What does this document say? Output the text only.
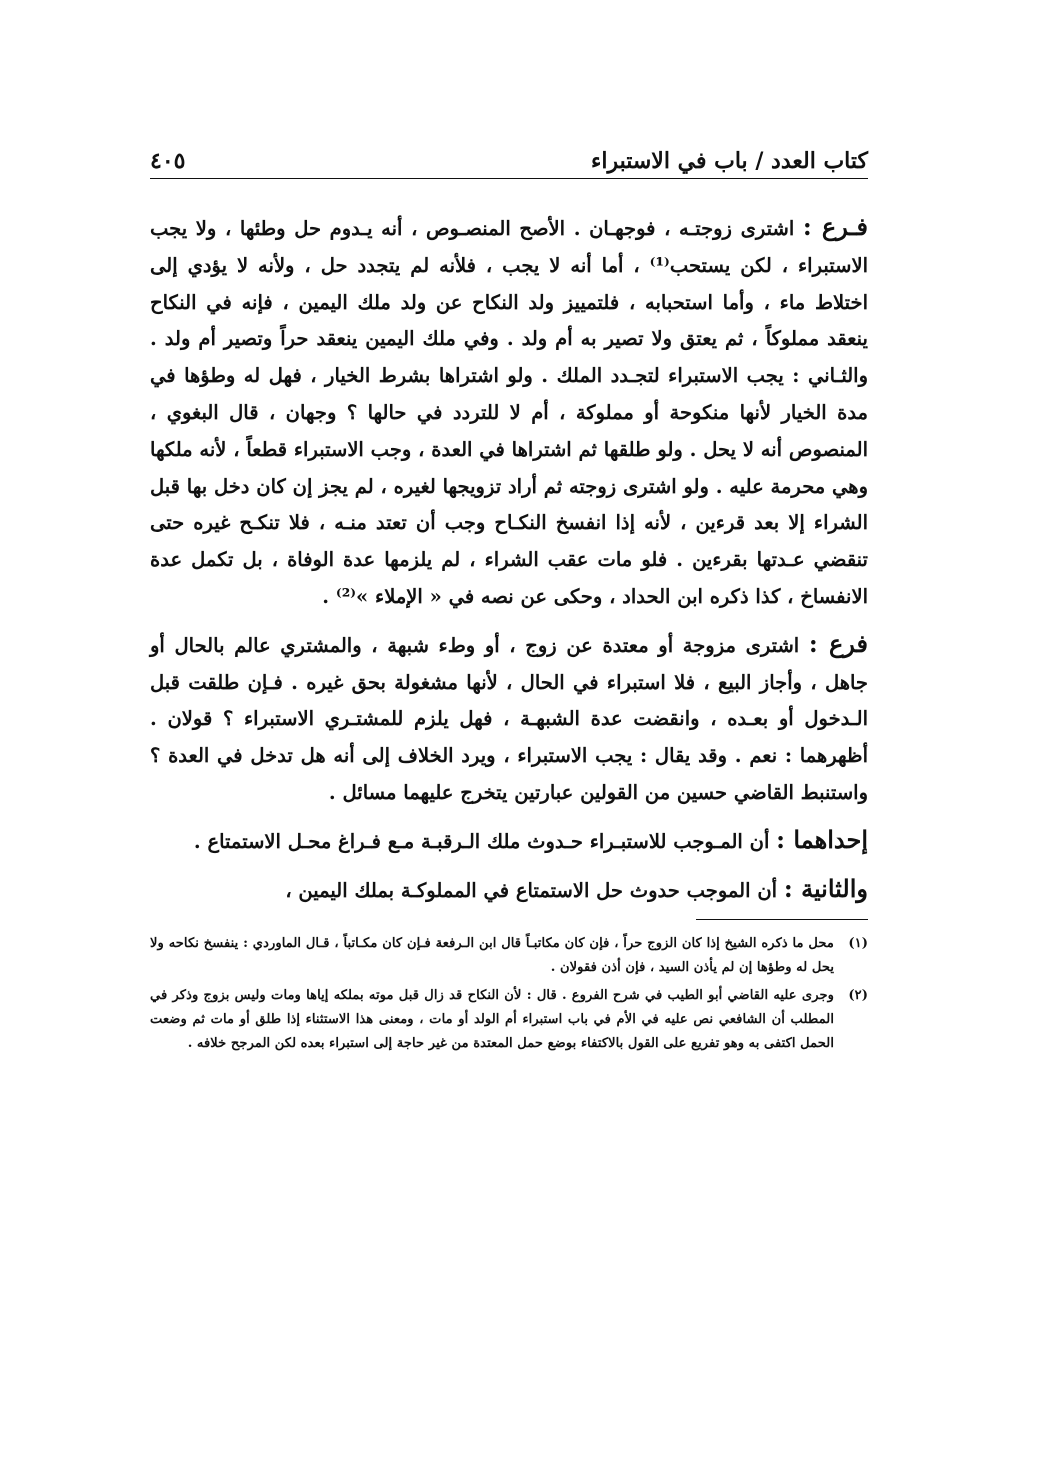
كتاب العدد / باب في الاستبراء
٤٠٥

فـرع : اشترى زوجتـه ، فوجهـان . الأصح المنصـوص ، أنه يـدوم حل وطئها ، ولا يجب الاستبراء ، لكن يستحب⁽¹⁾ ، أما أنه لا يجب ، فلأنه لم يتجدد حل ، ولأنه لا يؤدي إلى اختلاط ماء ، وأما استحبابه ، فلتمييز ولد النكاح عن ولد ملك اليمين ، فإنه في النكاح ينعقد مملوكاً ، ثم يعتق ولا تصير به أم ولد . وفي ملك اليمين ينعقد حراً وتصير أم ولد . والثـاني : يجب الاستبراء لتجـدد الملك . ولو اشتراها بشرط الخيار ، فهل له وطؤها في مدة الخيار لأنها منكوحة أو مملوكة ، أم لا للتردد في حالها ؟ وجهان ، قال البغوي ، المنصوص أنه لا يحل . ولو طلقها ثم اشتراها في العدة ، وجب الاستبراء قطعاً ، لأنه ملكها وهي محرمة عليه . ولو اشترى زوجته ثم أراد تزويجها لغيره ، لم يجز إن كان دخل بها قبل الشراء إلا بعد قرءين ، لأنه إذا انفسخ النكـاح وجب أن تعتد منـه ، فلا تنكـح غيره حتى تنقضي عـدتها بقرءين . فلو مات عقب الشراء ، لم يلزمها عدة الوفاة ، بل تكمل عدة الانفساخ ، كذا ذكره ابن الحداد ، وحكى عن نصه في « الإملاء »⁽²⁾ .

فرع : اشترى مزوجة أو معتدة عن زوج ، أو وطء شبهة ، والمشتري عالم بالحال أو جاهل ، وأجاز البيع ، فلا استبراء في الحال ، لأنها مشغولة بحق غيره . فـإن طلقت قبل الـدخول أو بعـده ، وانقضت عدة الشبهـة ، فهل يلزم للمشتـري الاستبراء ؟ قولان . أظهرهما : نعم . وقد يقال : يجب الاستبراء ، ويرد الخلاف إلى أنه هل تدخل في العدة ؟ واستنبط القاضي حسين من القولين عبارتين يتخرج عليهما مسائل .

إحداهما : أن المـوجب للاستبـراء حـدوث ملك الـرقبـة مـع فـراغ محـل الاستمتاع .

والثانية : أن الموجب حدوث حل الاستمتاع في المملوكـة بملك اليمين ،

(١)
محل ما ذكره الشيخ إذا كان الزوج حراً ، فإن كان مكاتبـاً قال ابن الـرفعة فـإن كان مكـاتباً ، قـال الماوردي : ينفسخ نكاحه ولا يحل له وطؤها إن لم يأذن السيد ، فإن أذن فقولان .
(٢)
وجرى عليه القاضي أبو الطيب في شرح الفروع . قال : لأن النكاح قد زال قبل موته بملكه إياها ومات وليس بزوج وذكر في المطلب أن الشافعي نص عليه في الأم في باب استبراء أم الولد أو مات ، ومعنى هذا الاستثناء إذا طلق أو مات ثم وضعت الحمل اكتفى به وهو تفريع على القول بالاكتفاء بوضع حمل المعتدة من غير حاجة إلى استبراء بعده لكن المرجح خلافه .
